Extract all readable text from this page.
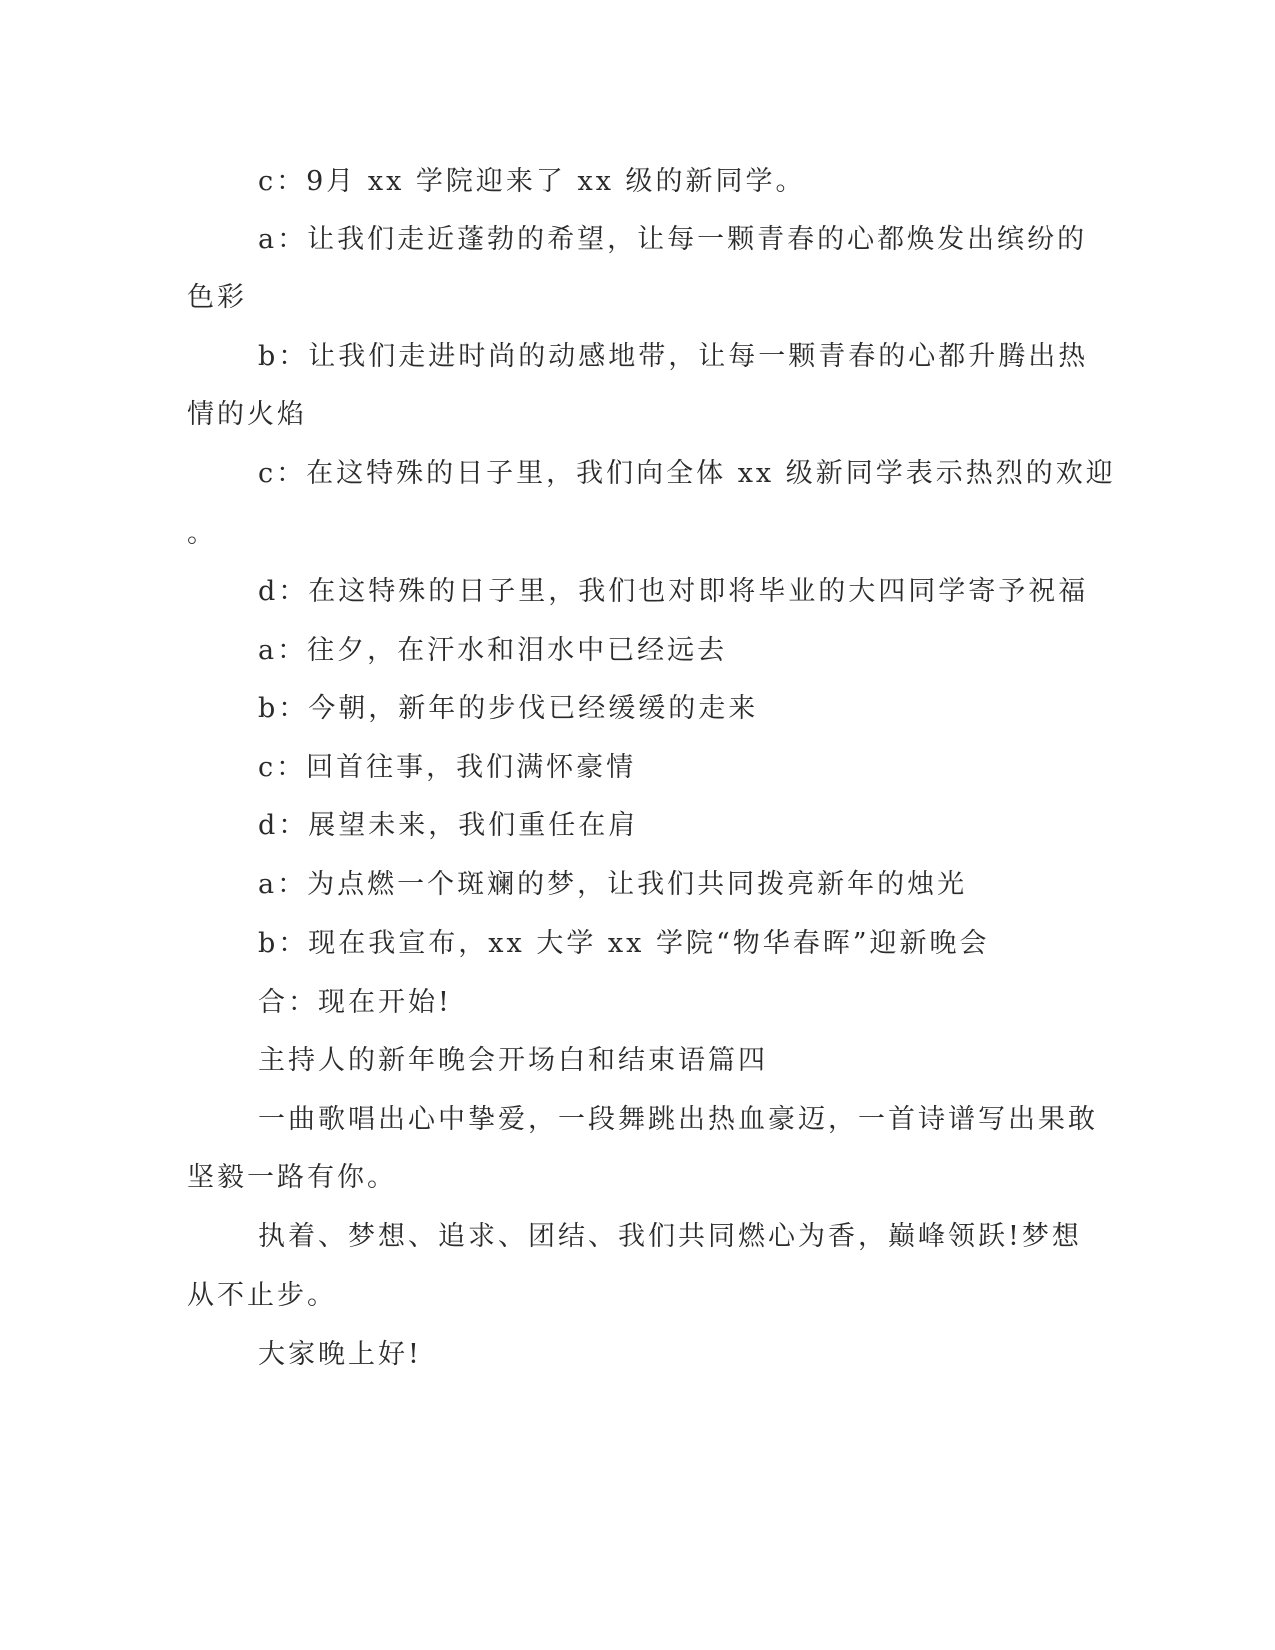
c：9月 xx 学院迎来了 xx 级的新同学。
a：让我们走近蓬勃的希望，让每一颗青春的心都焕发出缤纷的
色彩
b：让我们走进时尚的动感地带，让每一颗青春的心都升腾出热
情的火焰
c：在这特殊的日子里，我们向全体 xx 级新同学表示热烈的欢迎
。
d：在这特殊的日子里，我们也对即将毕业的大四同学寄予祝福
a：往夕，在汗水和泪水中已经远去
b：今朝，新年的步伐已经缓缓的走来
c：回首往事，我们满怀豪情
d：展望未来，我们重任在肩
a：为点燃一个斑斓的梦，让我们共同拨亮新年的烛光
b：现在我宣布，xx 大学 xx 学院“物华春晖”迎新晚会
合：现在开始!
主持人的新年晚会开场白和结束语篇四
一曲歌唱出心中挚爱，一段舞跳出热血豪迈，一首诗谱写出果敢
坚毅一路有你。
执着、梦想、追求、团结、我们共同燃心为香，巅峰领跃!梦想
从不止步。
大家晚上好!
